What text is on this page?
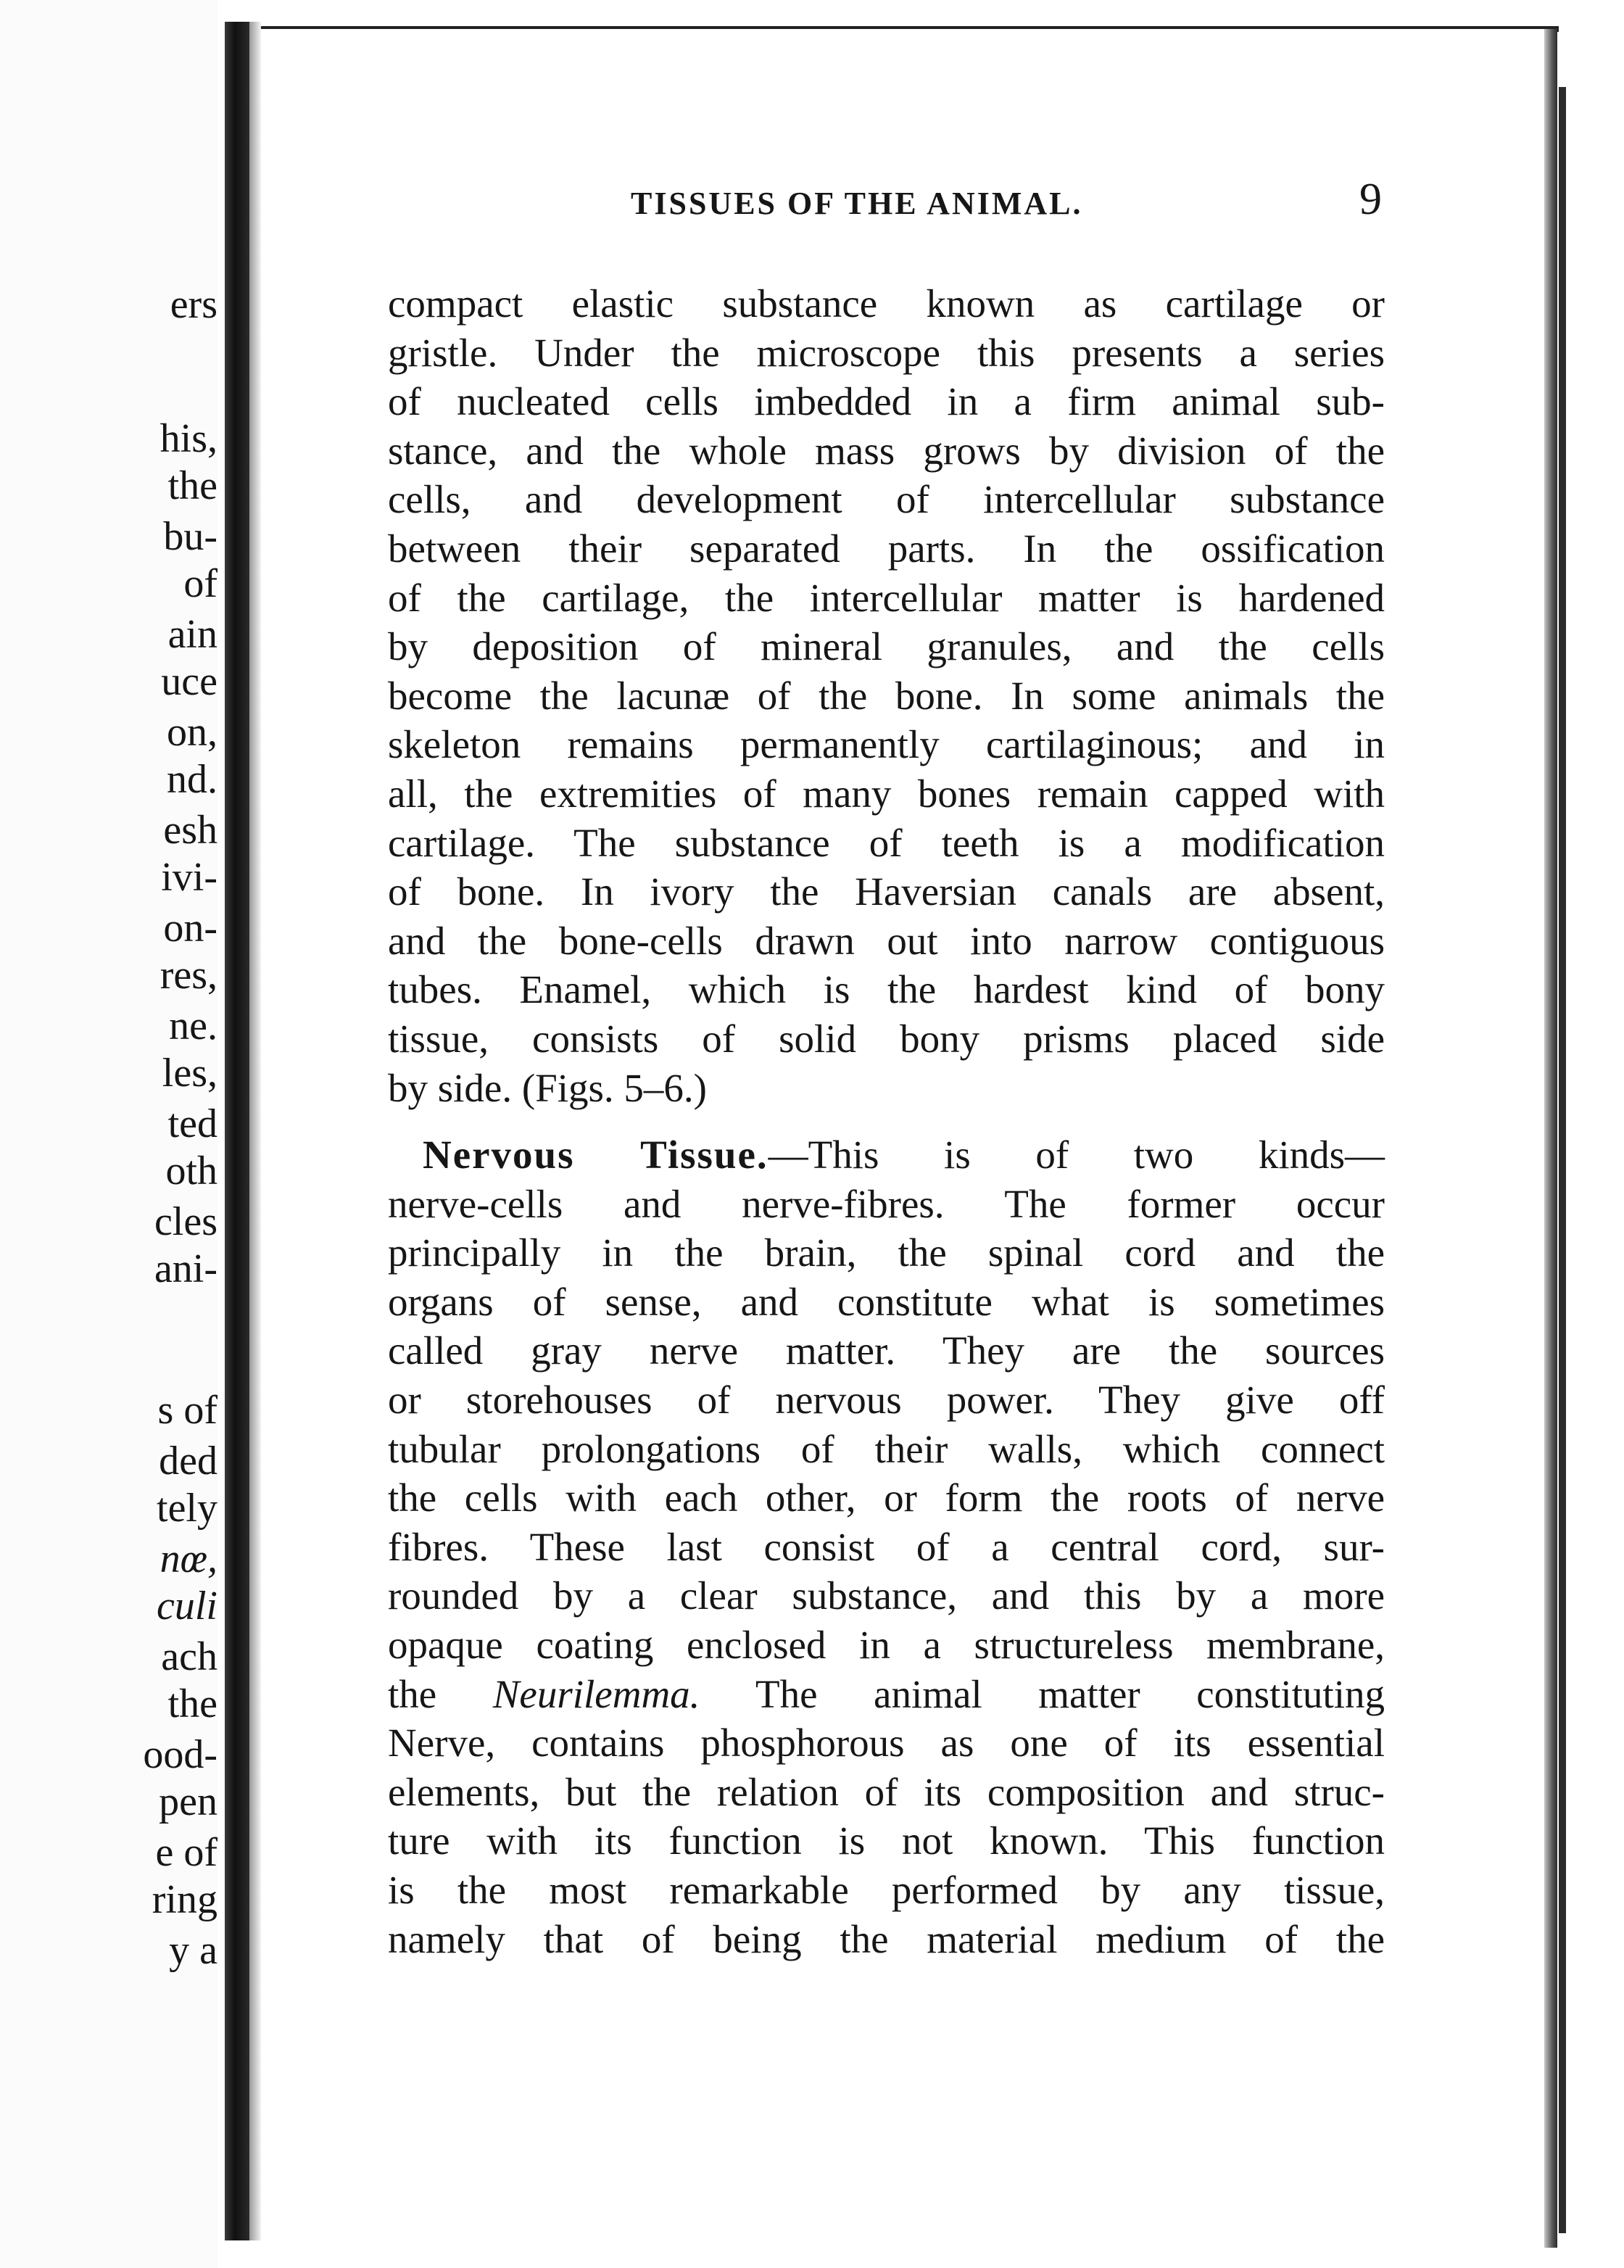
ers
his,
the
bu-
of
ain
uce
on,
nd.
esh
ivi-
on-
res,
ne.
les,
ted
oth
cles
ani-
s of
ded
tely
nœ,
culi
ach
the
ood-
pen
e of
ring
y a
TISSUES OF THE ANIMAL.	9
compact elastic substance known as cartilage or
gristle. Under the microscope this presents a series
of nucleated cells imbedded in a firm animal sub-
stance, and the whole mass grows by division of the
cells, and development of intercellular substance
between their separated parts. In the ossification
of the cartilage, the intercellular matter is hardened
by deposition of mineral granules, and the cells
become the lacunæ of the bone. In some animals the
skeleton remains permanently cartilaginous; and in
all, the extremities of many bones remain capped with
cartilage. The substance of teeth is a modification
of bone. In ivory the Haversian canals are absent,
and the bone-cells drawn out into narrow contiguous
tubes. Enamel, which is the hardest kind of bony
tissue, consists of solid bony prisms placed side
by side. (Figs. 5–6.)
Nervous Tissue.—This is of two kinds—
nerve-cells and nerve-fibres. The former occur
principally in the brain, the spinal cord and the
organs of sense, and constitute what is sometimes
called gray nerve matter. They are the sources
or storehouses of nervous power. They give off
tubular prolongations of their walls, which connect
the cells with each other, or form the roots of nerve
fibres. These last consist of a central cord, sur-
rounded by a clear substance, and this by a more
opaque coating enclosed in a structureless membrane,
the Neurilemma. The animal matter constituting
Nerve, contains phosphorous as one of its essential
elements, but the relation of its composition and struc-
ture with its function is not known. This function
is the most remarkable performed by any tissue,
namely that of being the material medium of the
